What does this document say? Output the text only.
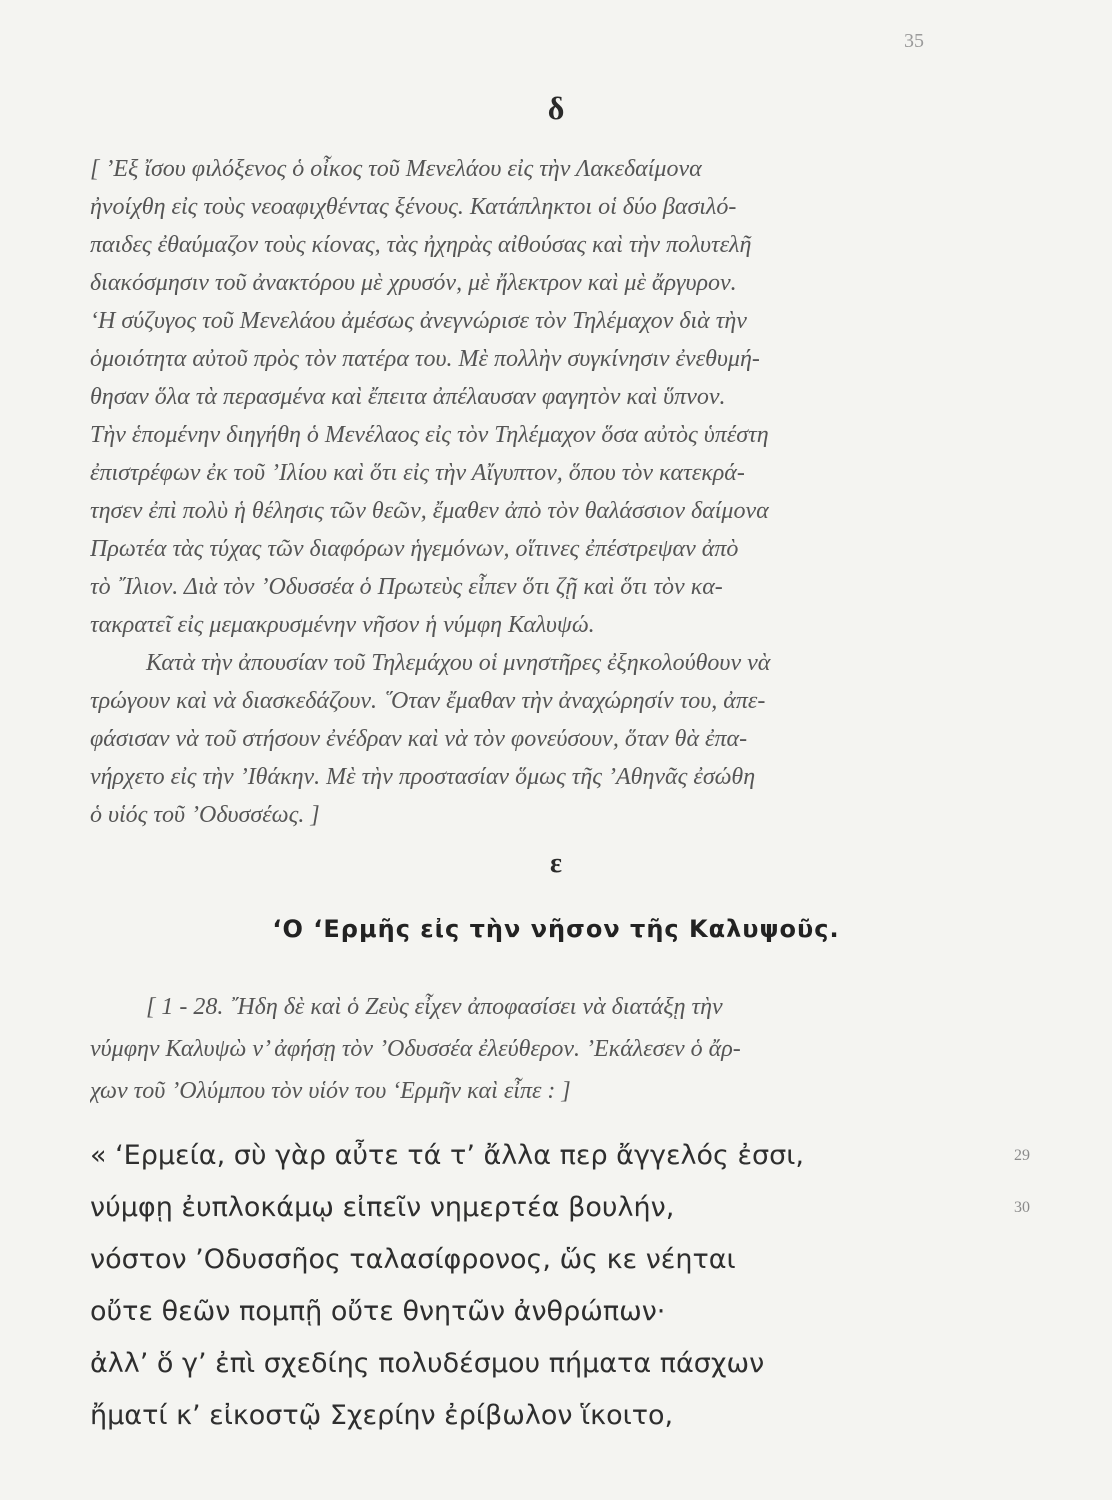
35
δ

[ ’Εξ ἴσου φιλόξενος ὁ οἶκος τοῦ Μενελάου εἰς τὴν Λακεδαίμονα
ἠνοίχθη εἰς τοὺς νεοαφιχθέντας ξένους. Κατάπληκτοι οἱ δύο βασιλό-
παιδες ἐθαύμαζον τοὺς κίονας, τὰς ἠχηρὰς αἰθούσας καὶ τὴν πολυτελῆ
διακόσμησιν τοῦ ἀνακτόρου μὲ χρυσόν, μὲ ἤλεκτρον καὶ μὲ ἄργυρον.
‘Η σύζυγος τοῦ Μενελάου ἀμέσως ἀνεγνώρισε τὸν Τηλέμαχον διὰ τὴν
ὁμοιότητα αὐτοῦ πρὸς τὸν πατέρα του. Μὲ πολλὴν συγκίνησιν ἐνεθυμή-
θησαν ὅλα τὰ περασμένα καὶ ἔπειτα ἀπέλαυσαν φαγητὸν καὶ ὕπνον.
Τὴν ἑπομένην διηγήθη ὁ Μενέλαος εἰς τὸν Τηλέμαχον ὅσα αὐτὸς ὑπέστη
ἐπιστρέφων ἐκ τοῦ ’Ιλίου καὶ ὅτι εἰς τὴν Αἴγυπτον, ὅπου τὸν κατεκρά-
τησεν ἐπὶ πολὺ ἡ θέλησις τῶν θεῶν, ἔμαθεν ἀπὸ τὸν θαλάσσιον δαίμονα
Πρωτέα τὰς τύχας τῶν διαφόρων ἡγεμόνων, οἵτινες ἐπέστρεψαν ἀπὸ
τὸ ῎Ιλιον. Διὰ τὸν ’Οδυσσέα ὁ Πρωτεὺς εἶπεν ὅτι ζῇ καὶ ὅτι τὸν κα-
τακρατεῖ εἰς μεμακρυσμένην νῆσον ἡ νύμφη Καλυψώ.
Κατὰ τὴν ἀπουσίαν τοῦ Τηλεμάχου οἱ μνηστῆρες ἐξηκολούθουν νὰ
τρώγουν καὶ νὰ διασκεδάζουν. ῞Οταν ἔμαθαν τὴν ἀναχώρησίν του, ἀπε-
φάσισαν νὰ τοῦ στήσουν ἐνέδραν καὶ νὰ τὸν φονεύσουν, ὅταν θὰ ἐπα-
νήρχετο εἰς τὴν ’Ιθάκην. Μὲ τὴν προστασίαν ὅμως τῆς ’Αθηνᾶς ἐσώθη
ὁ υἱός τοῦ ’Οδυσσέως. ]

ε
‘Ο ‘Ερμῆς εἰς τὴν νῆσον τῆς Καλυψοῦς.

[ 1 - 28. ῎Ηδη δὲ καὶ ὁ Ζεὺς εἶχεν ἀποφασίσει νὰ διατάξῃ τὴν
νύμφην Καλυψὼ ν’ ἀφήσῃ τὸν ’Οδυσσέα ἐλεύθερον. ’Εκάλεσεν ὁ ἄρ-
χων τοῦ ’Ολύμπου τὸν υἱόν του ‘Ερμῆν καὶ εἶπε : ]

« ‘Ερμεία, σὺ γὰρ αὖτε τά τ’ ἄλλα περ ἄγγελός ἐσσι,	29
νύμφῃ ἐυπλοκάμῳ εἰπεῖν νημερτέα βουλήν,	30
νόστον ’Οδυσσῆος ταλασίφρονος, ὥς κε νέηται
οὔτε θεῶν πομπῇ οὔτε θνητῶν ἀνθρώπων·
ἀλλ’ ὅ γ’ ἐπὶ σχεδίης πολυδέσμου πήματα πάσχων
ἤματί κ’ εἰκοστῷ Σχερίην ἐρίβωλον ἵκοιτο,
